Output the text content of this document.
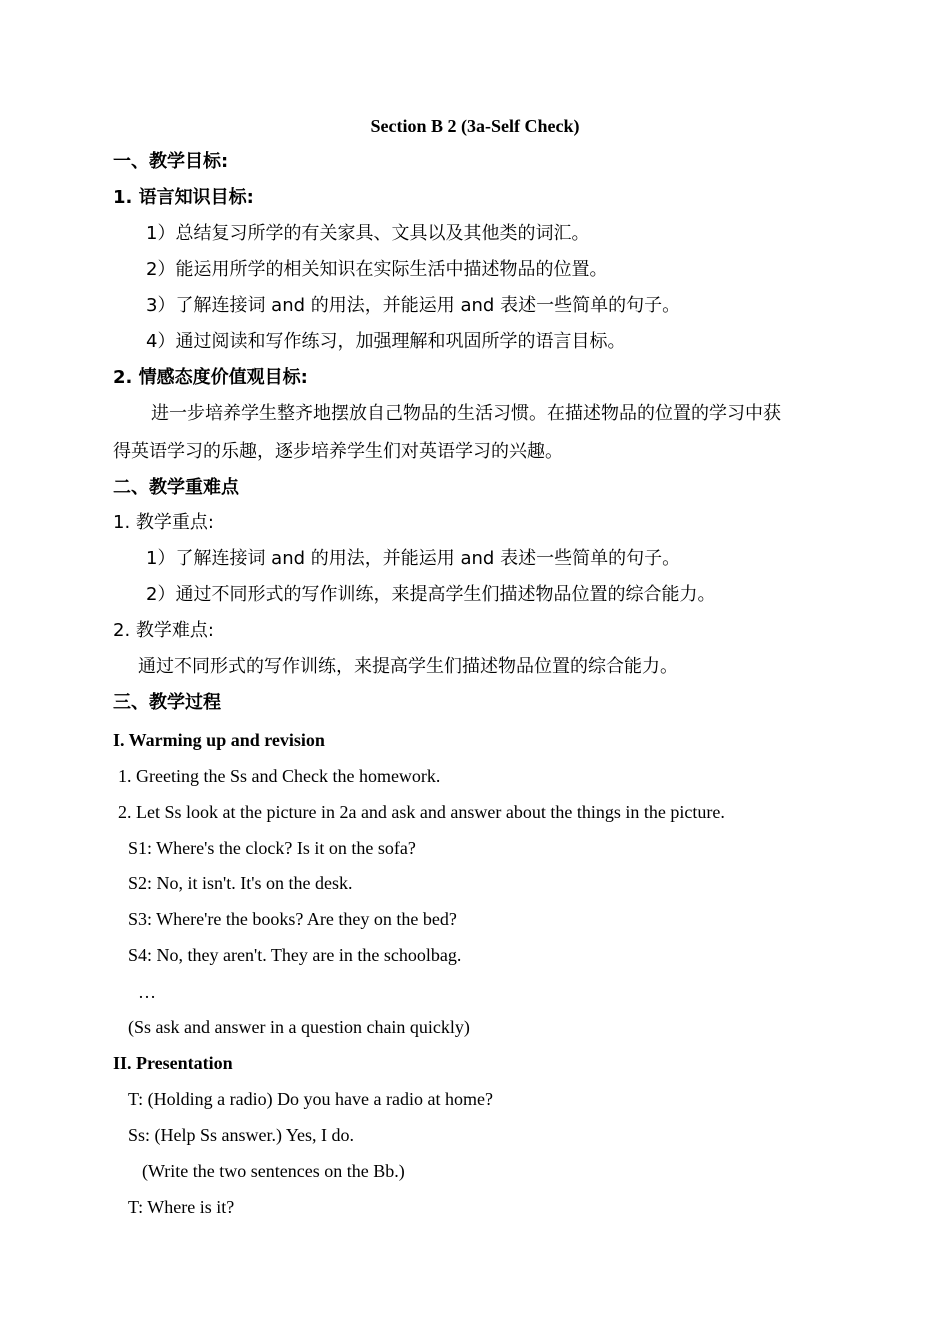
Section B 2 (3a-Self Check)
一、教学目标:
1. 语言知识目标:
1）总结复习所学的有关家具、文具以及其他类的词汇。
2）能运用所学的相关知识在实际生活中描述物品的位置。
3）了解连接词 and 的用法，并能运用 and 表述一些简单的句子。
4）通过阅读和写作练习，加强理解和巩固所学的语言目标。
2. 情感态度价值观目标:
进一步培养学生整齐地摆放自己物品的生活习惯。在描述物品的位置的学习中获
得英语学习的乐趣，逐步培养学生们对英语学习的兴趣。
二、教学重难点
1. 教学重点:
1）了解连接词 and 的用法，并能运用 and 表述一些简单的句子。
2）通过不同形式的写作训练，来提高学生们描述物品位置的综合能力。
2. 教学难点:
通过不同形式的写作训练，来提高学生们描述物品位置的综合能力。
三、教学过程
I. Warming up and revision
1. Greeting the Ss and Check the homework.
2. Let Ss look at the picture in 2a and ask and answer about the things in the picture.
S1: Where's the clock? Is it on the sofa?
S2: No, it isn't. It's on the desk.
S3: Where're the books? Are they on the bed?
S4: No, they aren't. They are in the schoolbag.
…
(Ss ask and answer in a question chain quickly)
II. Presentation
T: (Holding a radio) Do you have a radio at home?
Ss: (Help Ss answer.) Yes, I do.
(Write the two sentences on the Bb.)
T: Where is it?
